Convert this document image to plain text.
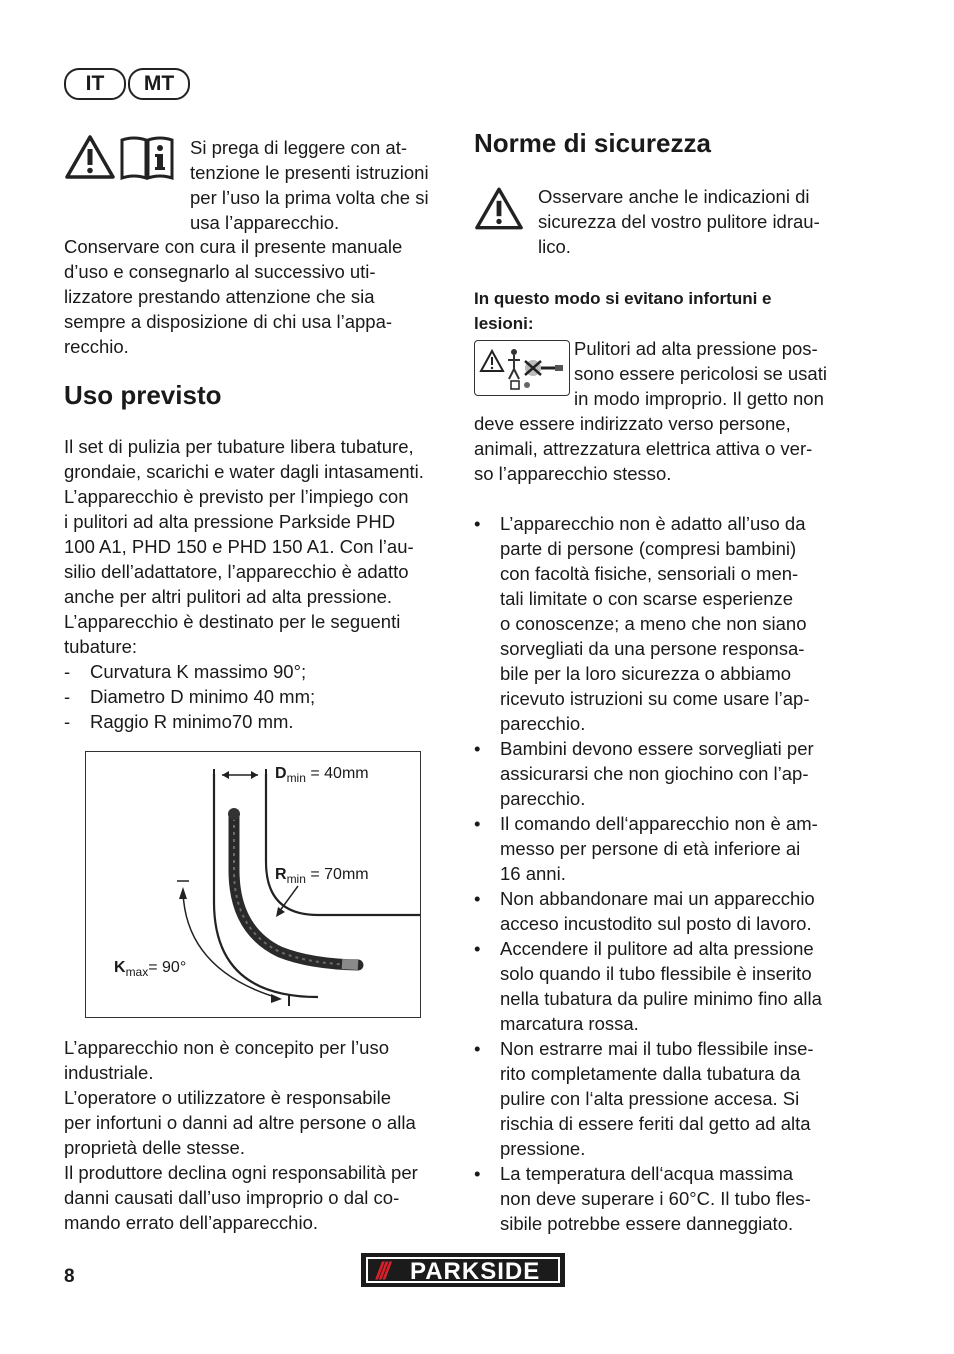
IT	MT
Si prega di leggere con at-
tenzione le presenti istruzioni
per l’uso la prima volta che si
usa l’apparecchio.
Conservare con cura il presente manuale
d’uso e consegnarlo al successivo uti-
lizzatore prestando attenzione che sia
sempre a disposizione di chi usa l’appa-
recchio.
Uso previsto
Il set di pulizia per tubature libera tubature,
grondaie, scarichi e water dagli intasamenti.
L’apparecchio è previsto per l’impiego con
i pulitori ad alta pressione Parkside PHD
100 A1, PHD 150 e PHD 150 A1. Con l’au-
silio dell’adattatore, l’apparecchio è adatto
anche per altri pulitori ad alta pressione.
L’apparecchio è destinato per le seguenti
tubature:
- Curvatura K massimo 90°;
- Diametro D minimo 40 mm;
- Raggio R minimo70 mm.
$D_{min} = 40mm$
$R_{min} = 70mm$
$K_{max}= 90^\circ$
L’apparecchio non è concepito per l’uso
industriale.
L’operatore o utilizzatore è responsabile
per infortuni o danni ad altre persone o alla
proprietà delle stesse.
Il produttore declina ogni responsabilità per
danni causati dall’uso improprio o dal co-
mando errato dell’apparecchio.
Norme di sicurezza
Osservare anche le indicazioni di
sicurezza del vostro pulitore idrau-
lico.
In questo modo si evitano infortuni e
lesioni:
Pulitori ad alta pressione pos-
sono essere pericolosi se usati
in modo improprio. Il getto non
deve essere indirizzato verso persone,
animali, attrezzatura elettrica attiva o ver-
so l’apparecchio stesso.
• L’apparecchio non è adatto all’uso da
parte di persone (compresi bambini)
con facoltà fisiche, sensoriali o men-
tali limitate o con scarse esperienze
o conoscenze; a meno che non siano
sorvegliati da una persone responsa-
bile per la loro sicurezza o abbiamo
ricevuto istruzioni su come usare l’ap-
parecchio.
• Bambini devono essere sorvegliati per
assicurarsi che non giochino con l’ap-
parecchio.
• Il comando dell‘apparecchio non è am-
messo per persone di età inferiore ai
16 anni.
• Non abbandonare mai un apparecchio
acceso incustodito sul posto di lavoro.
• Accendere il pulitore ad alta pressione
solo quando il tubo flessibile è inserito
nella tubatura da pulire minimo fino alla
marcatura rossa.
• Non estrarre mai il tubo flessibile inse-
rito completamente dalla tubatura da
pulire con l‘alta pressione accesa. Si
rischia di essere feriti dal getto ad alta
pressione.
• La temperatura dell‘acqua massima
non deve superare i 60°C. Il tubo fles-
sibile potrebbe essere danneggiato.
8	/// PARKSIDE
